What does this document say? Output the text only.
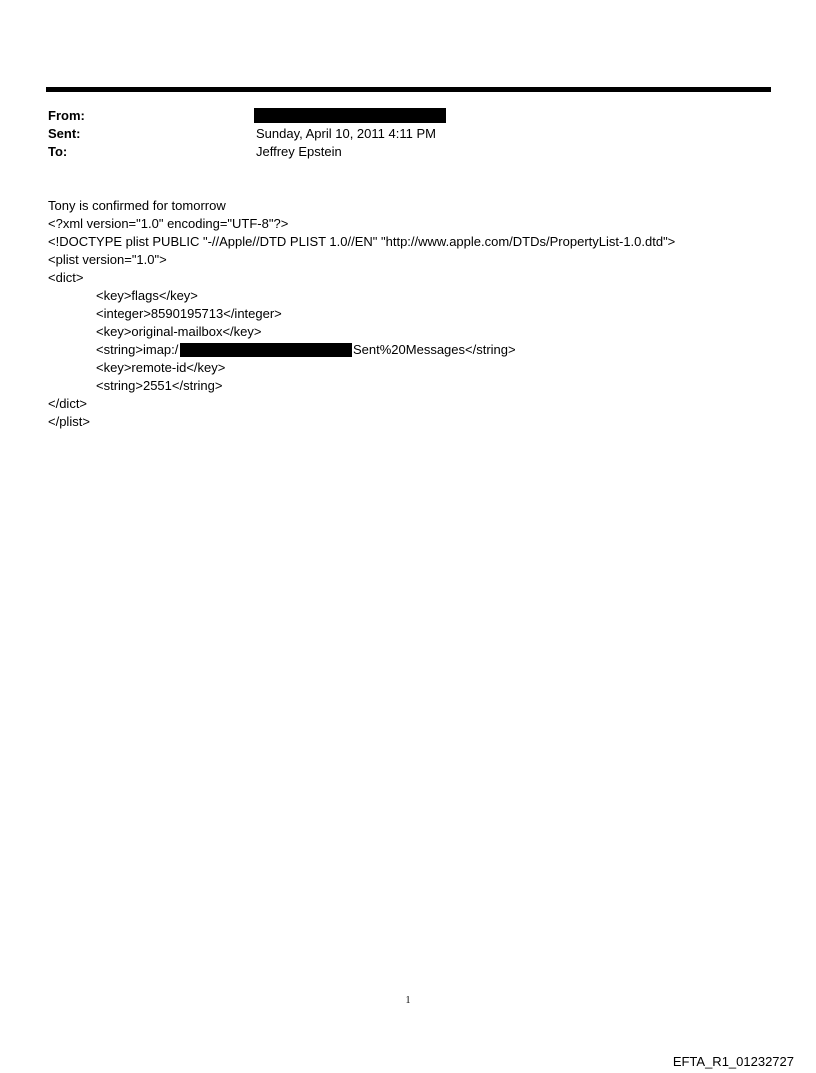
From:
Sent:	Sunday, April 10, 2011 4:11 PM
To:	Jeffrey Epstein
Tony is confirmed for tomorrow
<?xml version="1.0" encoding="UTF-8"?>
<!DOCTYPE plist PUBLIC "-//Apple//DTD PLIST 1.0//EN" "http://www.apple.com/DTDs/PropertyList-1.0.dtd">
<plist version="1.0">
<dict>
<key>flags</key>
<integer>8590195713</integer>
<key>original-mailbox</key>
<string>imap:/	Sent%20Messages</string>
<key>remote-id</key>
<string>2551</string>
</dict>
</plist>
1
EFTA_R1_01232727
